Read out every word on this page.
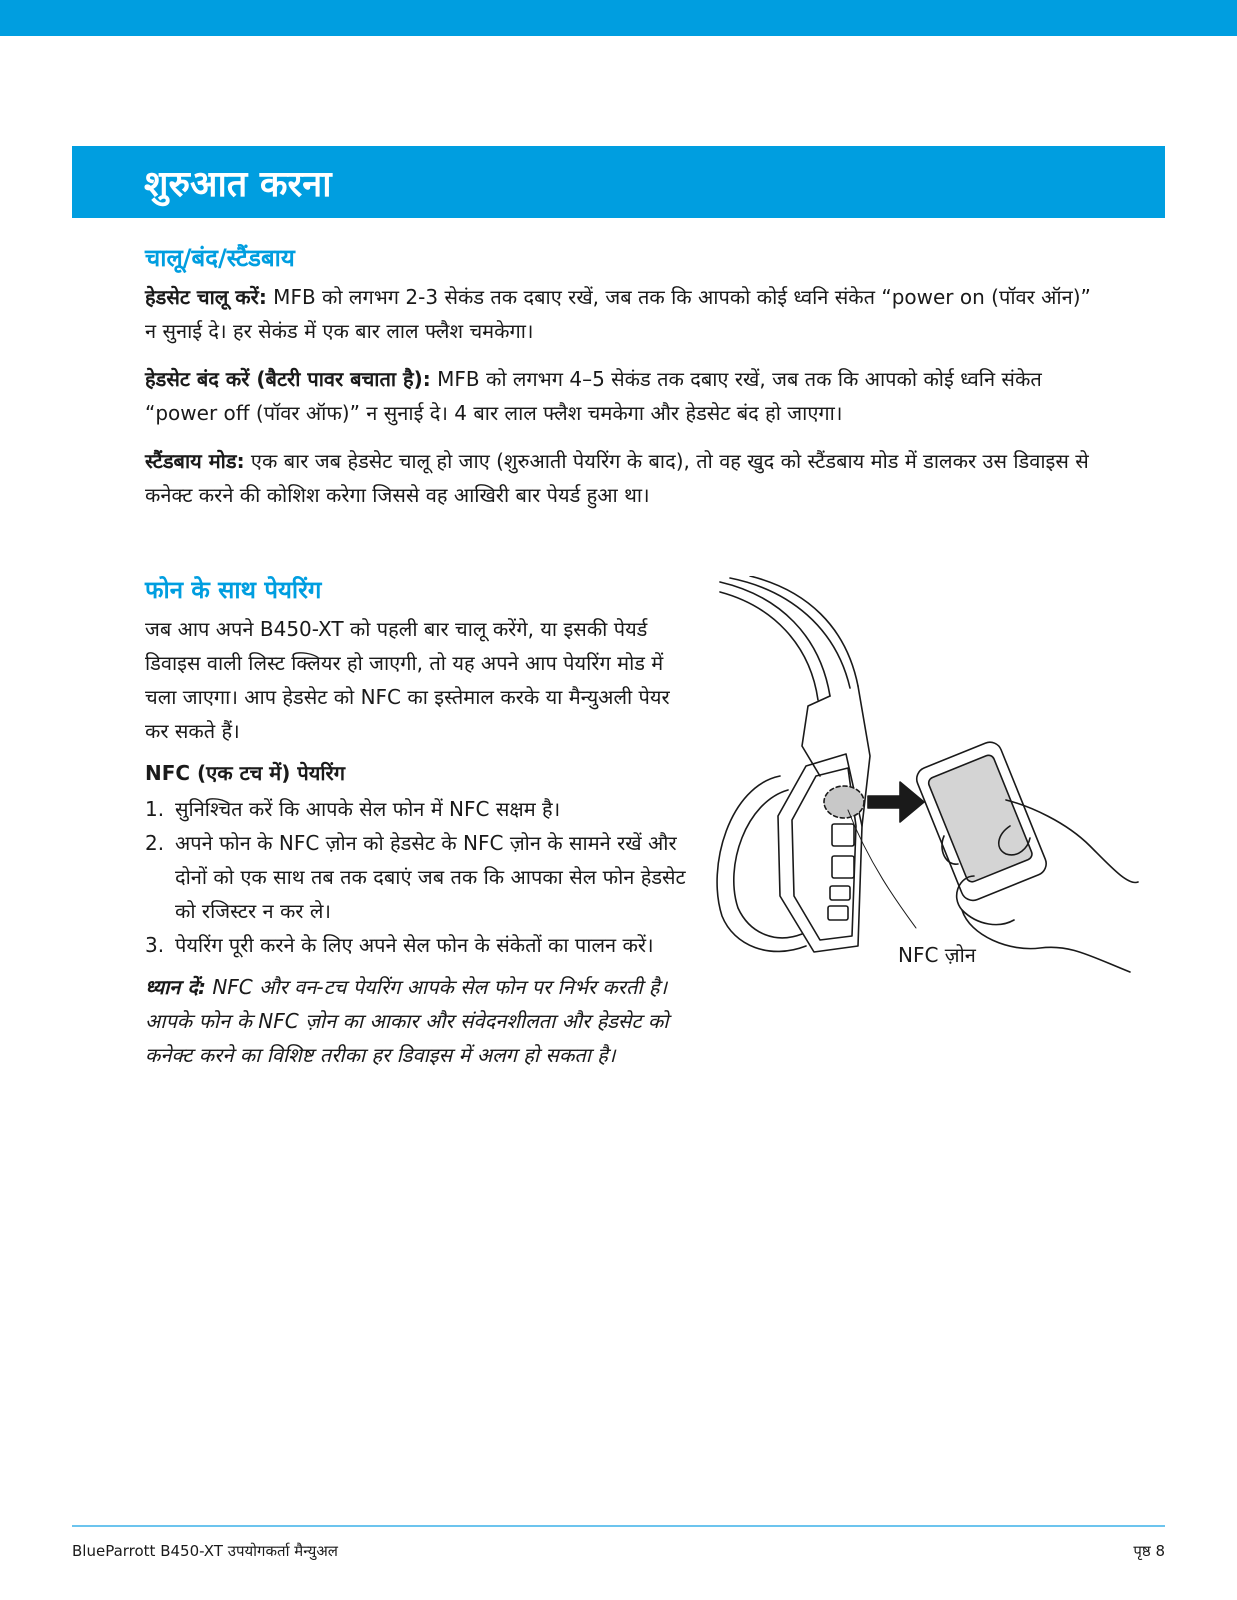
शुरुआत करना
चालू/बंद/स्टैंडबाय

हेडसेट चालू करें: MFB को लगभग 2-3 सेकंड तक दबाए रखें, जब तक कि आपको कोई ध्वनि संकेत “power on (पॉवर ऑन)” न सुनाई दे। हर सेकंड में एक बार लाल फ्लैश चमकेगा।

हेडसेट बंद करें (बैटरी पावर बचाता है): MFB को लगभग 4–5 सेकंड तक दबाए रखें, जब तक कि आपको कोई ध्वनि संकेत “power off (पॉवर ऑफ)” न सुनाई दे। 4 बार लाल फ्लैश चमकेगा और हेडसेट बंद हो जाएगा।

स्टैंडबाय मोड: एक बार जब हेडसेट चालू हो जाए (शुरुआती पेयरिंग के बाद), तो वह खुद को स्टैंडबाय मोड में डालकर उस डिवाइस से कनेक्ट करने की कोशिश करेगा जिससे वह आखिरी बार पेयर्ड हुआ था।

फोन के साथ पेयरिंग

जब आप अपने B450-XT को पहली बार चालू करेंगे, या इसकी पेयर्ड डिवाइस वाली लिस्ट क्लियर हो जाएगी, तो यह अपने आप पेयरिंग मोड में चला जाएगा। आप हेडसेट को NFC का इस्तेमाल करके या मैन्युअली पेयर कर सकते हैं।

NFC (एक टच में) पेयरिंग
1. सुनिश्चित करें कि आपके सेल फोन में NFC सक्षम है।
2. अपने फोन के NFC ज़ोन को हेडसेट के NFC ज़ोन के सामने रखें और दोनों को एक साथ तब तक दबाएं जब तक कि आपका सेल फोन हेडसेट को रजिस्टर न कर ले।
3. पेयरिंग पूरी करने के लिए अपने सेल फोन के संकेतों का पालन करें।

ध्यान दें: NFC और वन-टच पेयरिंग आपके सेल फोन पर निर्भर करती है। आपके फोन के NFC ज़ोन का आकार और संवेदनशीलता और हेडसेट को कनेक्ट करने का विशिष्ट तरीका हर डिवाइस में अलग हो सकता है।

NFC ज़ोन
BlueParrott B450-XT उपयोगकर्ता मैन्युअल	पृष्ठ 8
